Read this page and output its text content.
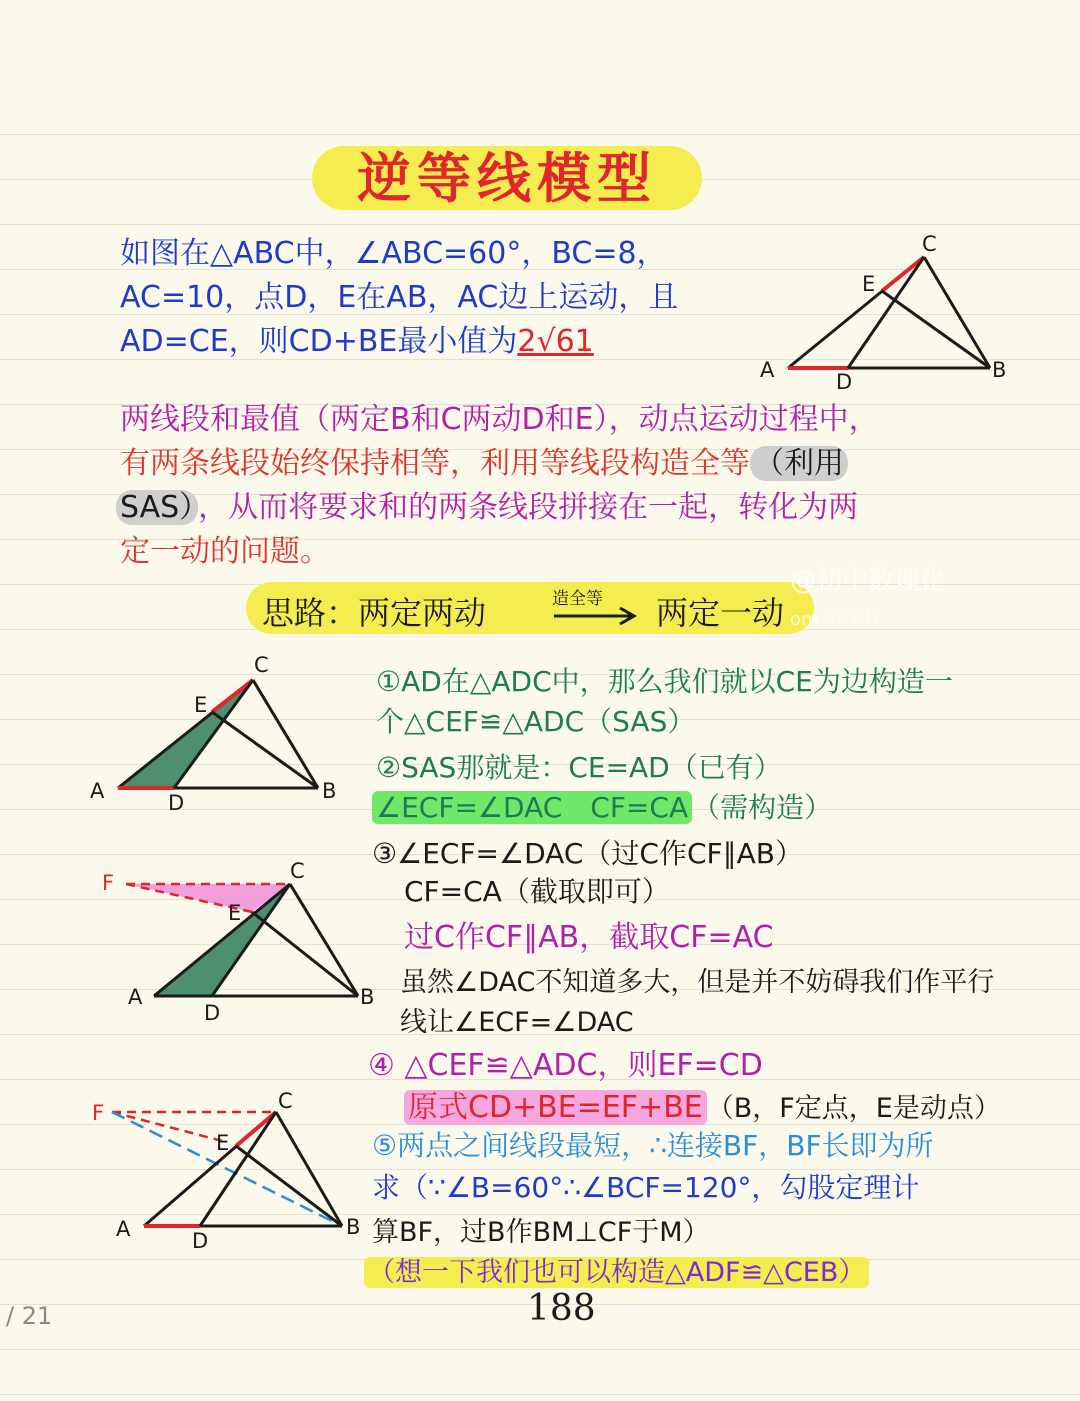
逆等线模型
如图在△ABC中，∠ABC=60°，BC=8，
AC=10，点D，E在AB，AC边上运动，且
AD=CE，则CD+BE最小值为2√61
C
E
A	D	B
两线段和最值（两定B和C两动D和E），动点运动过程中，
有两条线段始终保持相等，利用等线段构造全等 （利用
SAS） ，从而将要求和的两条线段拼接在一起，转化为两
定一动的问题。
思路：两定两动	造全等 两定一动
@初中数理化
om 小红书
C
E
A	D	B
①AD在△ADC中，那么我们就以CE为边构造一
个△CEF≌△ADC（SAS）
②SAS那就是：CE=AD（已有）
∠ECF=∠DAC　CF=CA （需构造）
③∠ECF=∠DAC（过C作CF∥AB）
CF=CA（截取即可）
过C作CF∥AB，截取CF=AC
虽然∠DAC不知道多大，但是并不妨碍我们作平行
线让∠ECF=∠DAC
F	C
E
A
D
B
④ △CEF≌△ADC，则EF=CD
原式CD+BE=EF+BE （B，F定点，E是动点）
F	C
E
A	D
B
⑤两点之间线段最短，∴连接BF，BF长即为所
求（∵∠B=60°∴∠BCF=120°，勾股定理计
算BF，过B作BM⊥CF于M）
（想一下我们也可以构造△ADF≌△CEB）
/ 21	188
